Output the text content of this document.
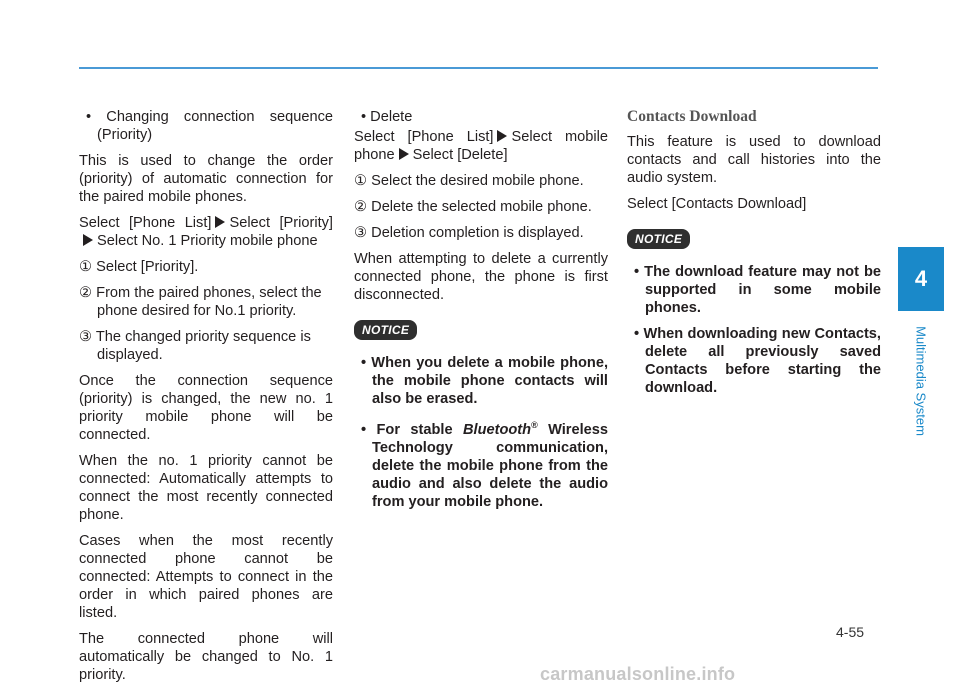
• Changing connection sequence (Priority)

This is used to change the order (priority) of automatic connection for the paired mobile phones.

Select [Phone List] Select [Priority]Select No. 1 Priority mobile phone

① Select [Priority].

② From the paired phones, select the phone desired for No.1 priority.

③ The changed priority sequence is displayed.

Once the connection sequence (priority) is changed, the new no. 1 priority mobile phone will be connected.

When the no. 1 priority cannot be connected: Automatically attempts to connect the most recently connected phone.

Cases when the most recently connected phone cannot be connected: Attempts to connect in the order in which paired phones are listed.

The connected phone will automatically be changed to No. 1 priority.

• Delete

Select [Phone List] Select mobile phone Select [Delete]

① Select the desired mobile phone.

② Delete the selected mobile phone.

③ Deletion completion is displayed.

When attempting to delete a currently connected phone, the phone is first disconnected.

NOTICE

• When you delete a mobile phone, the mobile phone contacts will also be erased.

• For stable Bluetooth® Wireless Technology communication, delete the mobile phone from the audio and also delete the audio from your mobile phone.

Contacts Download

This feature is used to download contacts and call histories into the audio system.

Select [Contacts Download]

NOTICE

• The download feature may not be supported in some mobile phones.

• When downloading new Contacts, delete all previously saved Contacts before starting the download.

4
Multimedia System
4-55
carmanualsonline.info
